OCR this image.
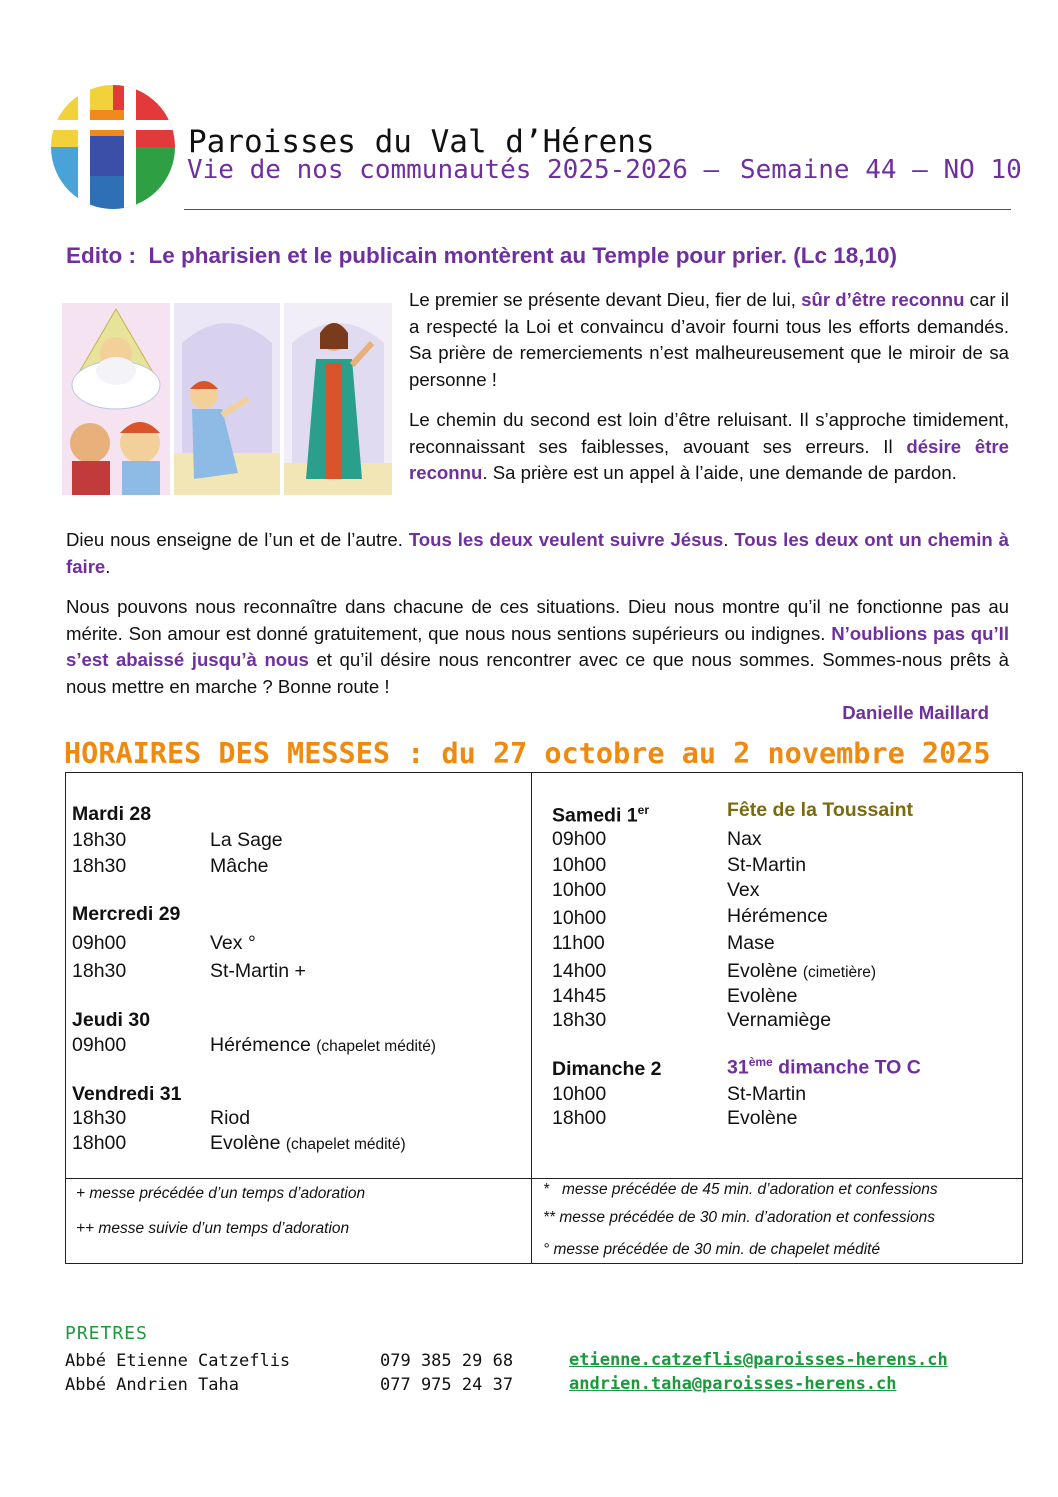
Paroisses du Val d’Hérens
Vie de nos communautés 2025-2026 – Semaine 44 – NO 10
Edito :  Le pharisien et le publicain montèrent au Temple pour prier. (Lc 18,10)
Le premier se présente devant Dieu, fier de lui, sûr d’être reconnu car il a respecté la Loi et convaincu d’avoir fourni tous les efforts demandés. Sa prière de remerciements n’est malheureusement que le miroir de sa personne !
Le chemin du second est loin d’être reluisant. Il s’approche timidement, reconnaissant ses faiblesses, avouant ses erreurs. Il désire être reconnu. Sa prière est un appel à l’aide, une demande de pardon.
Dieu nous enseigne de l’un et de l’autre. Tous les deux veulent suivre Jésus. Tous les deux ont un chemin à faire.
Nous pouvons nous reconnaître dans chacune de ces situations. Dieu nous montre qu’il ne fonctionne pas au mérite. Son amour est donné gratuitement, que nous nous sentions supérieurs ou indignes. N’oublions pas qu’Il s’est abaissé jusqu’à nous et qu’il désire nous rencontrer avec ce que nous sommes. Sommes-nous prêts à nous mettre en marche ? Bonne route !
Danielle Maillard
HORAIRES DES MESSES : du 27 octobre au 2 novembre 2025
Mardi 28
18h30	La Sage
18h30	Mâche
Mercredi 29
09h00	Vex °
18h30	St-Martin +
Jeudi 30
09h00	Hérémence (chapelet médité)
Vendredi 31
18h30	Riod
18h00	Evolène (chapelet médité)
Samedi 1er	Fête de la Toussaint
09h00	Nax
10h00	St-Martin
10h00	Vex
10h00	Hérémence
11h00	Mase
14h00	Evolène (cimetière)
14h45	Evolène
18h30	Vernamiège
Dimanche 2	31ème dimanche TO C
10h00	St-Martin
18h00	Evolène
+ messe précédée d’un temps d’adoration
++ messe suivie d’un temps d’adoration
*   messe précédée de 45 min. d’adoration et confessions
** messe précédée de 30 min. d’adoration et confessions
° messe précédée de 30 min. de chapelet médité
PRETRES
Abbé Etienne Catzeflis	079 385 29 68	etienne.catzeflis@paroisses-herens.ch
Abbé Andrien Taha	077 975 24 37	andrien.taha@paroisses-herens.ch
